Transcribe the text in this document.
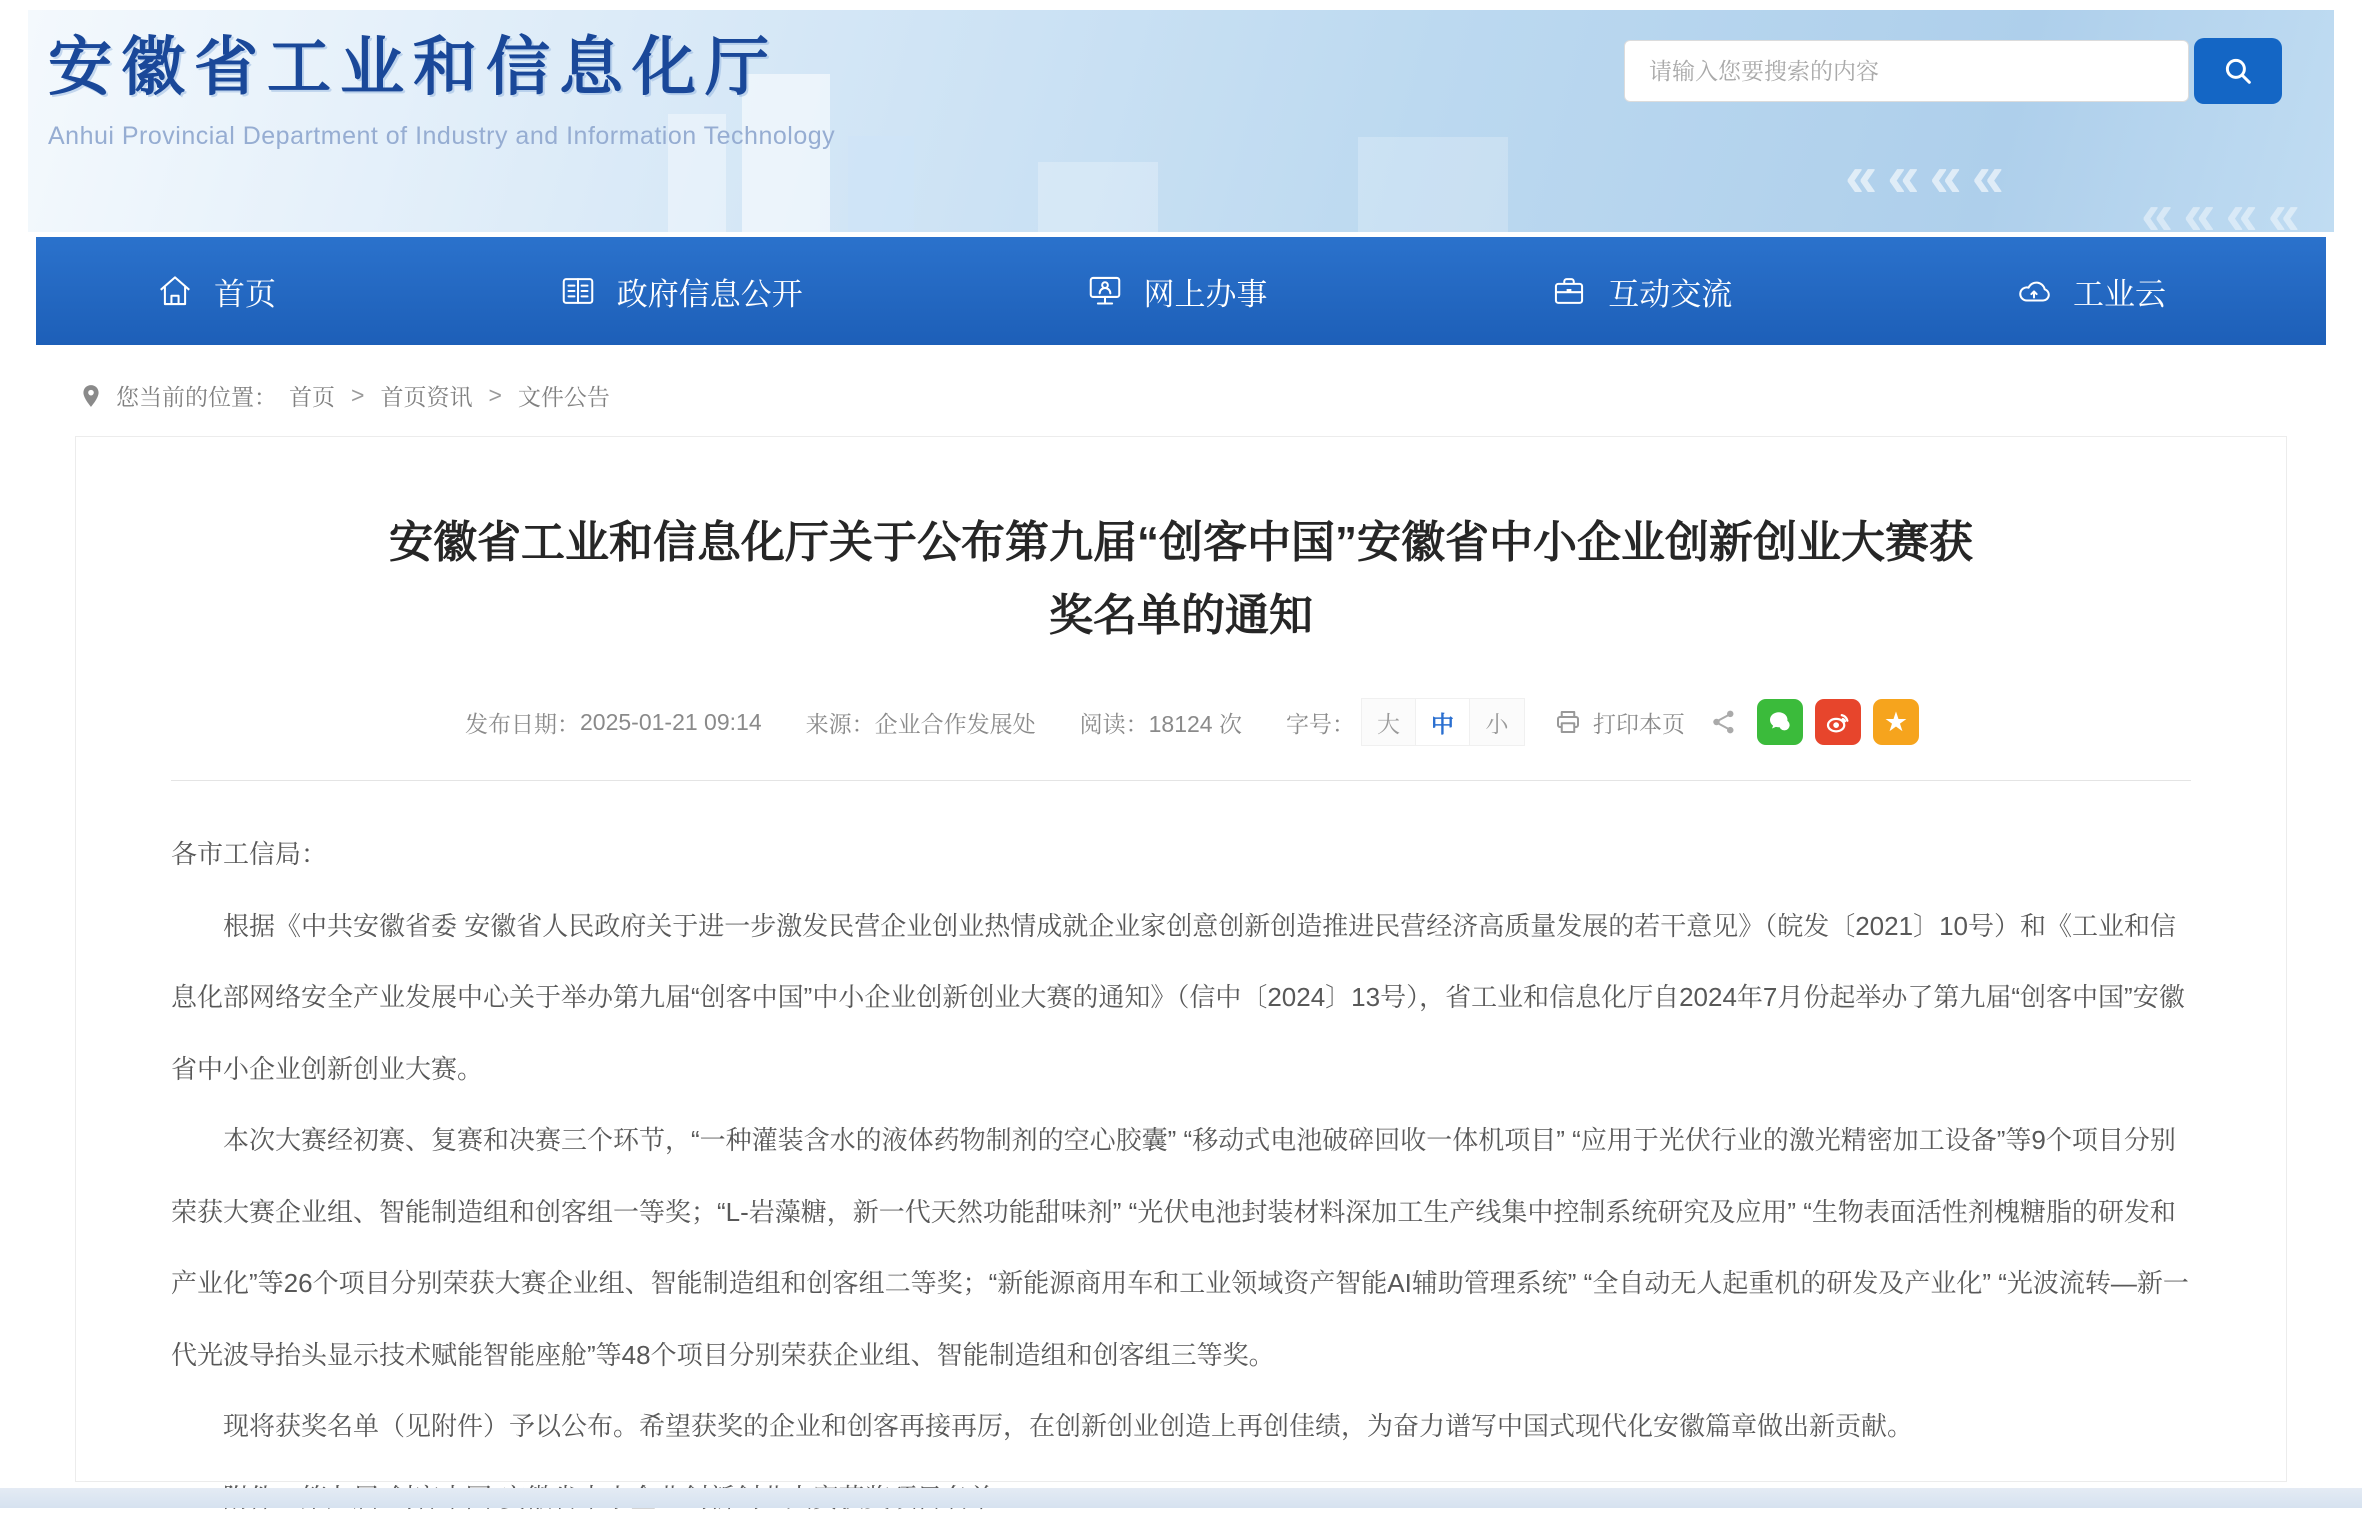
安徽省工业和信息化厅
Anhui Provincial Department of Industry and Information Technology
««««
««««
请输入您要搜索的内容
首页	政府信息公开	网上办事	互动交流	工业云
您当前的位置： 首页 > 首页资讯 > 文件公告
安徽省工业和信息化厅关于公布第九届“创客中国”安徽省中小企业创新创业大赛获奖名单的通知
发布日期： 2025-01-21 09:14 来源： 企业合作发展处 阅读： 18124 次 字号： 大	中	小	打印本页	★

各市工信局：

根据《中共安徽省委 安徽省人民政府关于进一步激发民营企业创业热情成就企业家创意创新创造推进民营经济高质量发展的若干意见》（皖发〔2021〕10号）和《工业和信息化部网络安全产业发展中心关于举办第九届“创客中国”中小企业创新创业大赛的通知》（信中〔2024〕13号），省工业和信息化厅自2024年7月份起举办了第九届“创客中国”安徽省中小企业创新创业大赛。

本次大赛经初赛、复赛和决赛三个环节，“一种灌装含水的液体药物制剂的空心胶囊” “移动式电池破碎回收一体机项目” “应用于光伏行业的激光精密加工设备”等9个项目分别荣获大赛企业组、智能制造组和创客组一等奖；“L-岩藻糖，新一代天然功能甜味剂” “光伏电池封装材料深加工生产线集中控制系统研究及应用” “生物表面活性剂槐糖脂的研发和产业化”等26个项目分别荣获大赛企业组、智能制造组和创客组二等奖；“新能源商用车和工业领域资产智能AI辅助管理系统” “全自动无人起重机的研发及产业化” “光波流转—新一代光波导抬头显示技术赋能智能座舱”等48个项目分别荣获企业组、智能制造组和创客组三等奖。

现将获奖名单（见附件）予以公布。希望获奖的企业和创客再接再厉，在创新创业创造上再创佳绩，为奋力谱写中国式现代化安徽篇章做出新贡献。
